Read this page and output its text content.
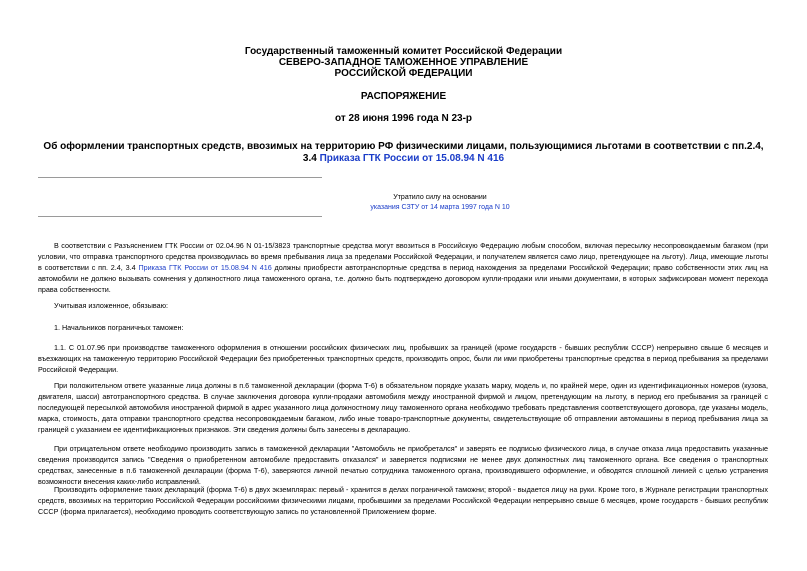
Государственный таможенный комитет Российской Федерации
СЕВЕРО-ЗАПАДНОЕ ТАМОЖЕННОЕ УПРАВЛЕНИЕ
РОССИЙСКОЙ ФЕДЕРАЦИИ
РАСПОРЯЖЕНИЕ
от 28 июня 1996 года N 23-р
Об оформлении транспортных средств, ввозимых на территорию РФ физическими лицами, пользующимися льготами в соответствии с пп.2.4, 3.4 Приказа ГТК России от 15.08.94 N 416
Утратило силу на основании
указания СЗТУ от 14 марта 1997 года N 10

В соответствии с Разъяснением ГТК России от 02.04.96 N 01-15/3823 транспортные средства могут ввозиться в Российскую Федерацию любым способом, включая пересылку несопровождаемым багажом (при условии, что отправка транспортного средства производилась во время пребывания лица за пределами Российской Федерации, и получателем является само лицо, претендующее на льготу). Лица, имеющие льготы в соответствии с пп. 2.4, 3.4 Приказа ГТК России от 15.08.94 N 416 должны приобрести автотранспортные средства в период нахождения за пределами Российской Федерации; право собственности этих лиц на автомобили не должно вызывать сомнения у должностного лица таможенного органа, т.е. должно быть подтверждено договором купли-продажи или иными документами, в которых зафиксирован момент перехода права собственности.

Учитывая изложенное, обязываю:

1. Начальников пограничных таможен:

1.1. С 01.07.96 при производстве таможенного оформления в отношении российских физических лиц, пробывших за границей (кроме государств - бывших республик СССР) непрерывно свыше 6 месяцев и въезжающих на таможенную территорию Российской Федерации без приобретенных транспортных средств, производить опрос, были ли ими приобретены транспортные средства в период пребывания за пределами Российской Федерации.

При положительном ответе указанные лица должны в п.6 таможенной декларации (форма Т-6) в обязательном порядке указать марку, модель и, по крайней мере, один из идентификационных номеров (кузова, двигателя, шасси) автотранспортного средства. В случае заключения договора купли-продажи автомобиля между иностранной фирмой и лицом, претендующим на льготу, в период его пребывания за границей с последующей пересылкой автомобиля иностранной фирмой в адрес указанного лица должностному лицу таможенного органа необходимо требовать представления соответствующего договора, где указаны модель, марка, стоимость, дата отправки транспортного средства несопровождаемым багажом, либо иные товаро-транспортные документы, свидетельствующие об отправлении автомашины в период пребывания лица за границей с указанием ее идентификационных признаков. Эти сведения должны быть занесены в декларацию.

При отрицательном ответе необходимо производить запись в таможенной декларации "Автомобиль не приобретался" и заверять ее подписью физического лица, в случае отказа лица предоставить указанные сведения производится запись "Сведения о приобретенном автомобиле предоставить отказался" и заверяется подписями не менее двух должностных лиц таможенного органа. Все сведения о транспортных средствах, занесенные в п.6 таможенной декларации (форма Т-6), заверяются личной печатью сотрудника таможенного органа, производившего оформление, и обводятся сплошной линией с целью устранения возможности внесения каких-либо исправлений.

Производить оформление таких деклараций (форма Т-6) в двух экземплярах: первый - хранится в делах пограничной таможни; второй - выдается лицу на руки. Кроме того, в Журнале регистрации транспортных средств, ввозимых на территорию Российской Федерации российскими физическими лицами, пробывшими за пределами Российской Федерации непрерывно свыше 6 месяцев, кроме государств - бывших республик СССР (форма прилагается), необходимо проводить соответствующую запись по установленной Приложением форме.
